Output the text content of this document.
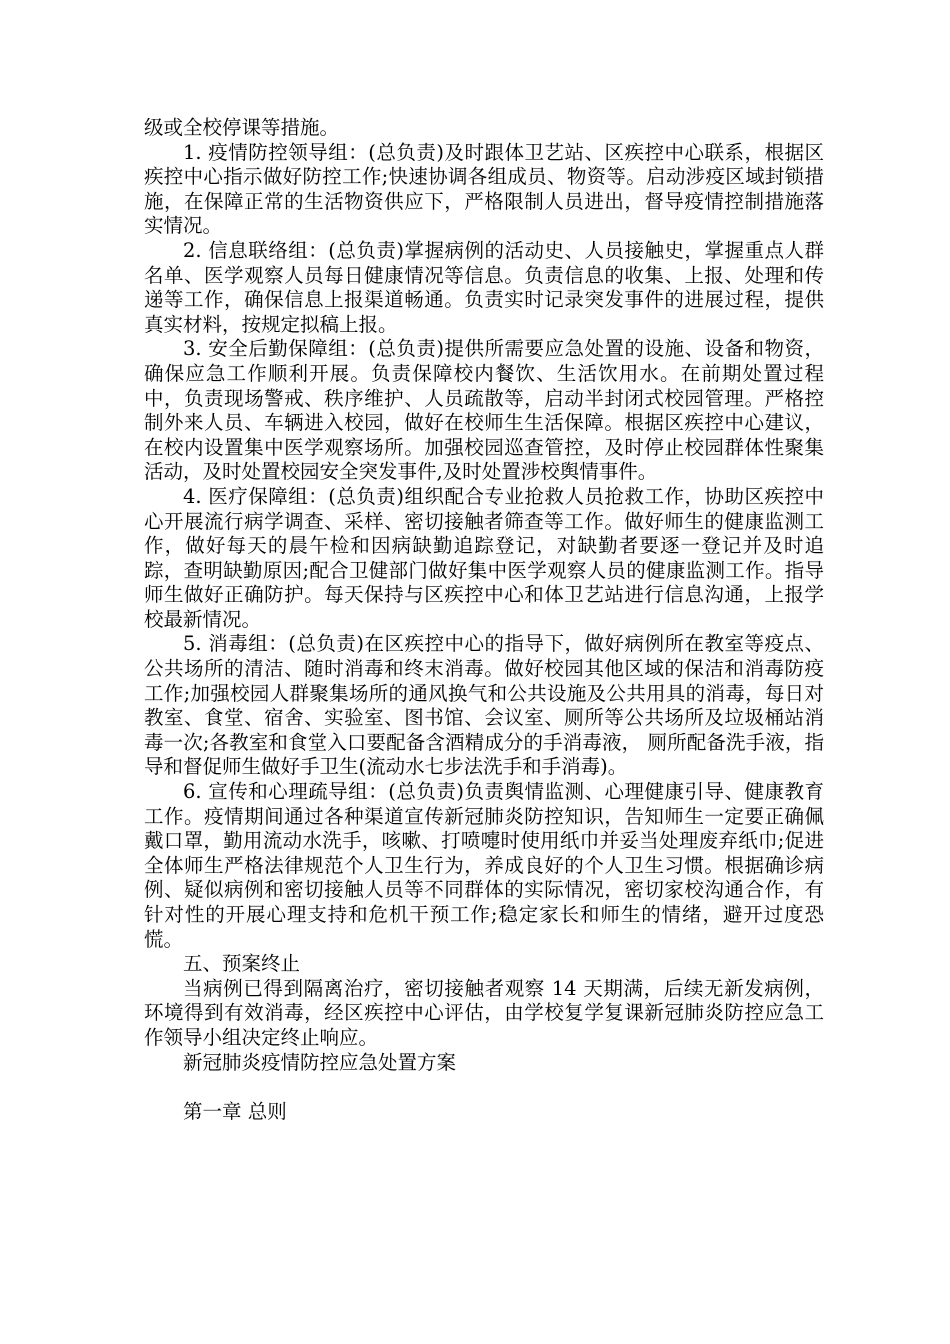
级或全校停课等措施。

1. 疫情防控领导组：(总负责)及时跟体卫艺站、区疾控中心联系，根据区疾控中心指示做好防控工作;快速协调各组成员、物资等。启动涉疫区域封锁措施，在保障正常的生活物资供应下，严格限制人员进出，督导疫情控制措施落实情况。

2. 信息联络组：(总负责)掌握病例的活动史、人员接触史，掌握重点人群名单、医学观察人员每日健康情况等信息。负责信息的收集、上报、处理和传递等工作，确保信息上报渠道畅通。负责实时记录突发事件的进展过程，提供真实材料，按规定拟稿上报。

3. 安全后勤保障组：(总负责)提供所需要应急处置的设施、设备和物资， 确保应急工作顺利开展。负责保障校内餐饮、生活饮用水。在前期处置过程中，负责现场警戒、秩序维护、人员疏散等，启动半封闭式校园管理。严格控制外来人员、车辆进入校园，做好在校师生生活保障。根据区疾控中心建议，在校内设置集中医学观察场所。加强校园巡查管控，及时停止校园群体性聚集活动，及时处置校园安全突发事件,及时处置涉校舆情事件。

4. 医疗保障组：(总负责)组织配合专业抢救人员抢救工作，协助区疾控中心开展流行病学调查、采样、密切接触者筛查等工作。做好师生的健康监测工作，做好每天的晨午检和因病缺勤追踪登记，对缺勤者要逐一登记并及时追踪，查明缺勤原因;配合卫健部门做好集中医学观察人员的健康监测工作。指导师生做好正确防护。每天保持与区疾控中心和体卫艺站进行信息沟通，上报学校最新情况。

5. 消毒组：(总负责)在区疾控中心的指导下，做好病例所在教室等疫点、公共场所的清洁、随时消毒和终末消毒。做好校园其他区域的保洁和消毒防疫工作;加强校园人群聚集场所的通风换气和公共设施及公共用具的消毒，每日对教室、食堂、宿舍、实验室、图书馆、会议室、厕所等公共场所及垃圾桶站消毒一次;各教室和食堂入口要配备含酒精成分的手消毒液， 厕所配备洗手液，指导和督促师生做好手卫生(流动水七步法洗手和手消毒)。

6. 宣传和心理疏导组：(总负责)负责舆情监测、心理健康引导、健康教育工作。疫情期间通过各种渠道宣传新冠肺炎防控知识，告知师生一定要正确佩戴口罩，勤用流动水洗手，咳嗽、打喷嚏时使用纸巾并妥当处理废弃纸巾;促进全体师生严格法律规范个人卫生行为，养成良好的个人卫生习惯。根据确诊病例、疑似病例和密切接触人员等不同群体的实际情况，密切家校沟通合作，有针对性的开展心理支持和危机干预工作;稳定家长和师生的情绪，避开过度恐慌。

五、预案终止

当病例已得到隔离治疗，密切接触者观察 14 天期满，后续无新发病例，环境得到有效消毒，经区疾控中心评估，由学校复学复课新冠肺炎防控应急工作领导小组决定终止响应。

新冠肺炎疫情防控应急处置方案

第一章 总则
